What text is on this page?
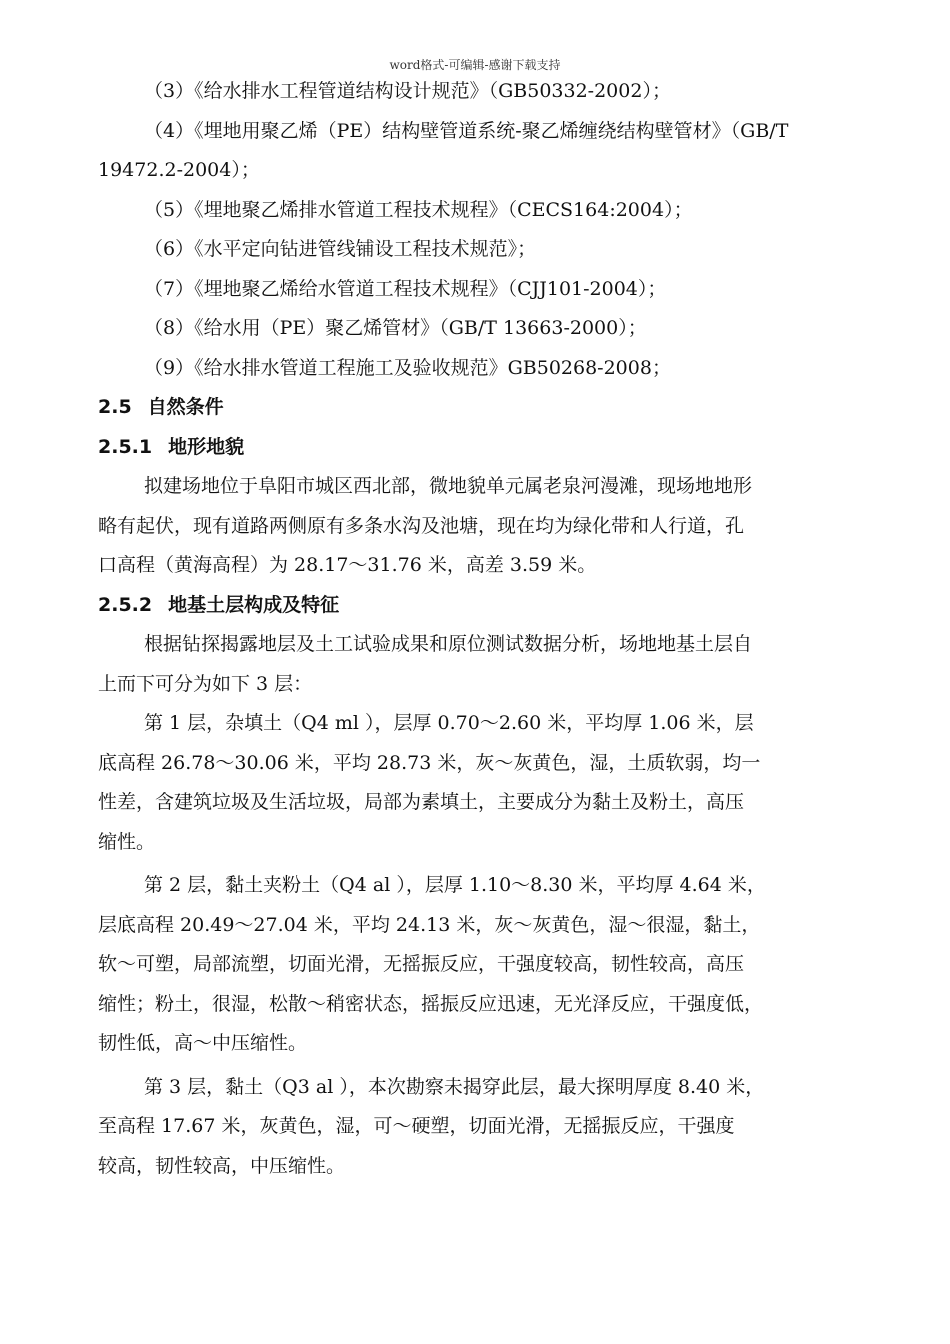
word格式-可编辑-感谢下载支持
（3）《给水排水工程管道结构设计规范》（GB50332-2002）；
（4）《埋地用聚乙烯（PE）结构壁管道系统-聚乙烯缠绕结构壁管材》（GB/T
19472.2-2004）；
（5）《埋地聚乙烯排水管道工程技术规程》（CECS164:2004）；
（6）《水平定向钻进管线铺设工程技术规范》；
（7）《埋地聚乙烯给水管道工程技术规程》（CJJ101-2004）；
（8）《给水用（PE）聚乙烯管材》（GB/T 13663-2000）；
（9）《给水排水管道工程施工及验收规范》GB50268-2008；
2.5 自然条件
2.5.1 地形地貌
拟建场地位于阜阳市城区西北部，微地貌单元属老泉河漫滩，现场地地形
略有起伏，现有道路两侧原有多条水沟及池塘，现在均为绿化带和人行道，孔
口高程（黄海高程）为 28.17～31.76 米，高差 3.59 米。
2.5.2 地基土层构成及特征
根据钻探揭露地层及土工试验成果和原位测试数据分析，场地地基土层自
上而下可分为如下 3 层：
第 1 层，杂填土（Q4 ml ），层厚 0.70～2.60 米，平均厚 1.06 米，层
底高程 26.78～30.06 米，平均 28.73 米，灰～灰黄色，湿，土质软弱，均一
性差，含建筑垃圾及生活垃圾，局部为素填土，主要成分为黏土及粉土，高压
缩性。
第 2 层，黏土夹粉土（Q4 al ），层厚 1.10～8.30 米，平均厚 4.64 米，
层底高程 20.49～27.04 米，平均 24.13 米，灰～灰黄色，湿～很湿，黏土，
软～可塑，局部流塑，切面光滑，无摇振反应，干强度较高，韧性较高，高压
缩性；粉土，很湿，松散～稍密状态，摇振反应迅速，无光泽反应，干强度低，
韧性低，高～中压缩性。
第 3 层，黏土（Q3 al ），本次勘察未揭穿此层，最大探明厚度 8.40 米，
至高程 17.67 米，灰黄色，湿，可～硬塑，切面光滑，无摇振反应，干强度
较高，韧性较高，中压缩性。
